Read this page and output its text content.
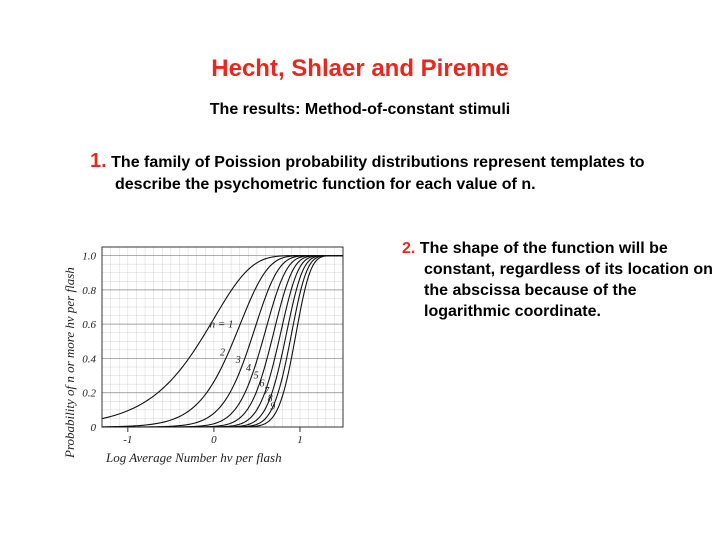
Hecht, Shlaer and Pirenne
The results: Method-of-constant stimuli
1. The family of Poission probability distributions represent templates to describe the psychometric function for each value of n.
2. The shape of the function will be constant, regardless of its location on the abscissa because of the logarithmic coordinate.
0
0.2
0.4
0.6
0.8
1.0
-1	0	1
2
3
4
5
6
7
8
9
n = 1
Probability of n or more hν per flash Log Average Number hν per flash
